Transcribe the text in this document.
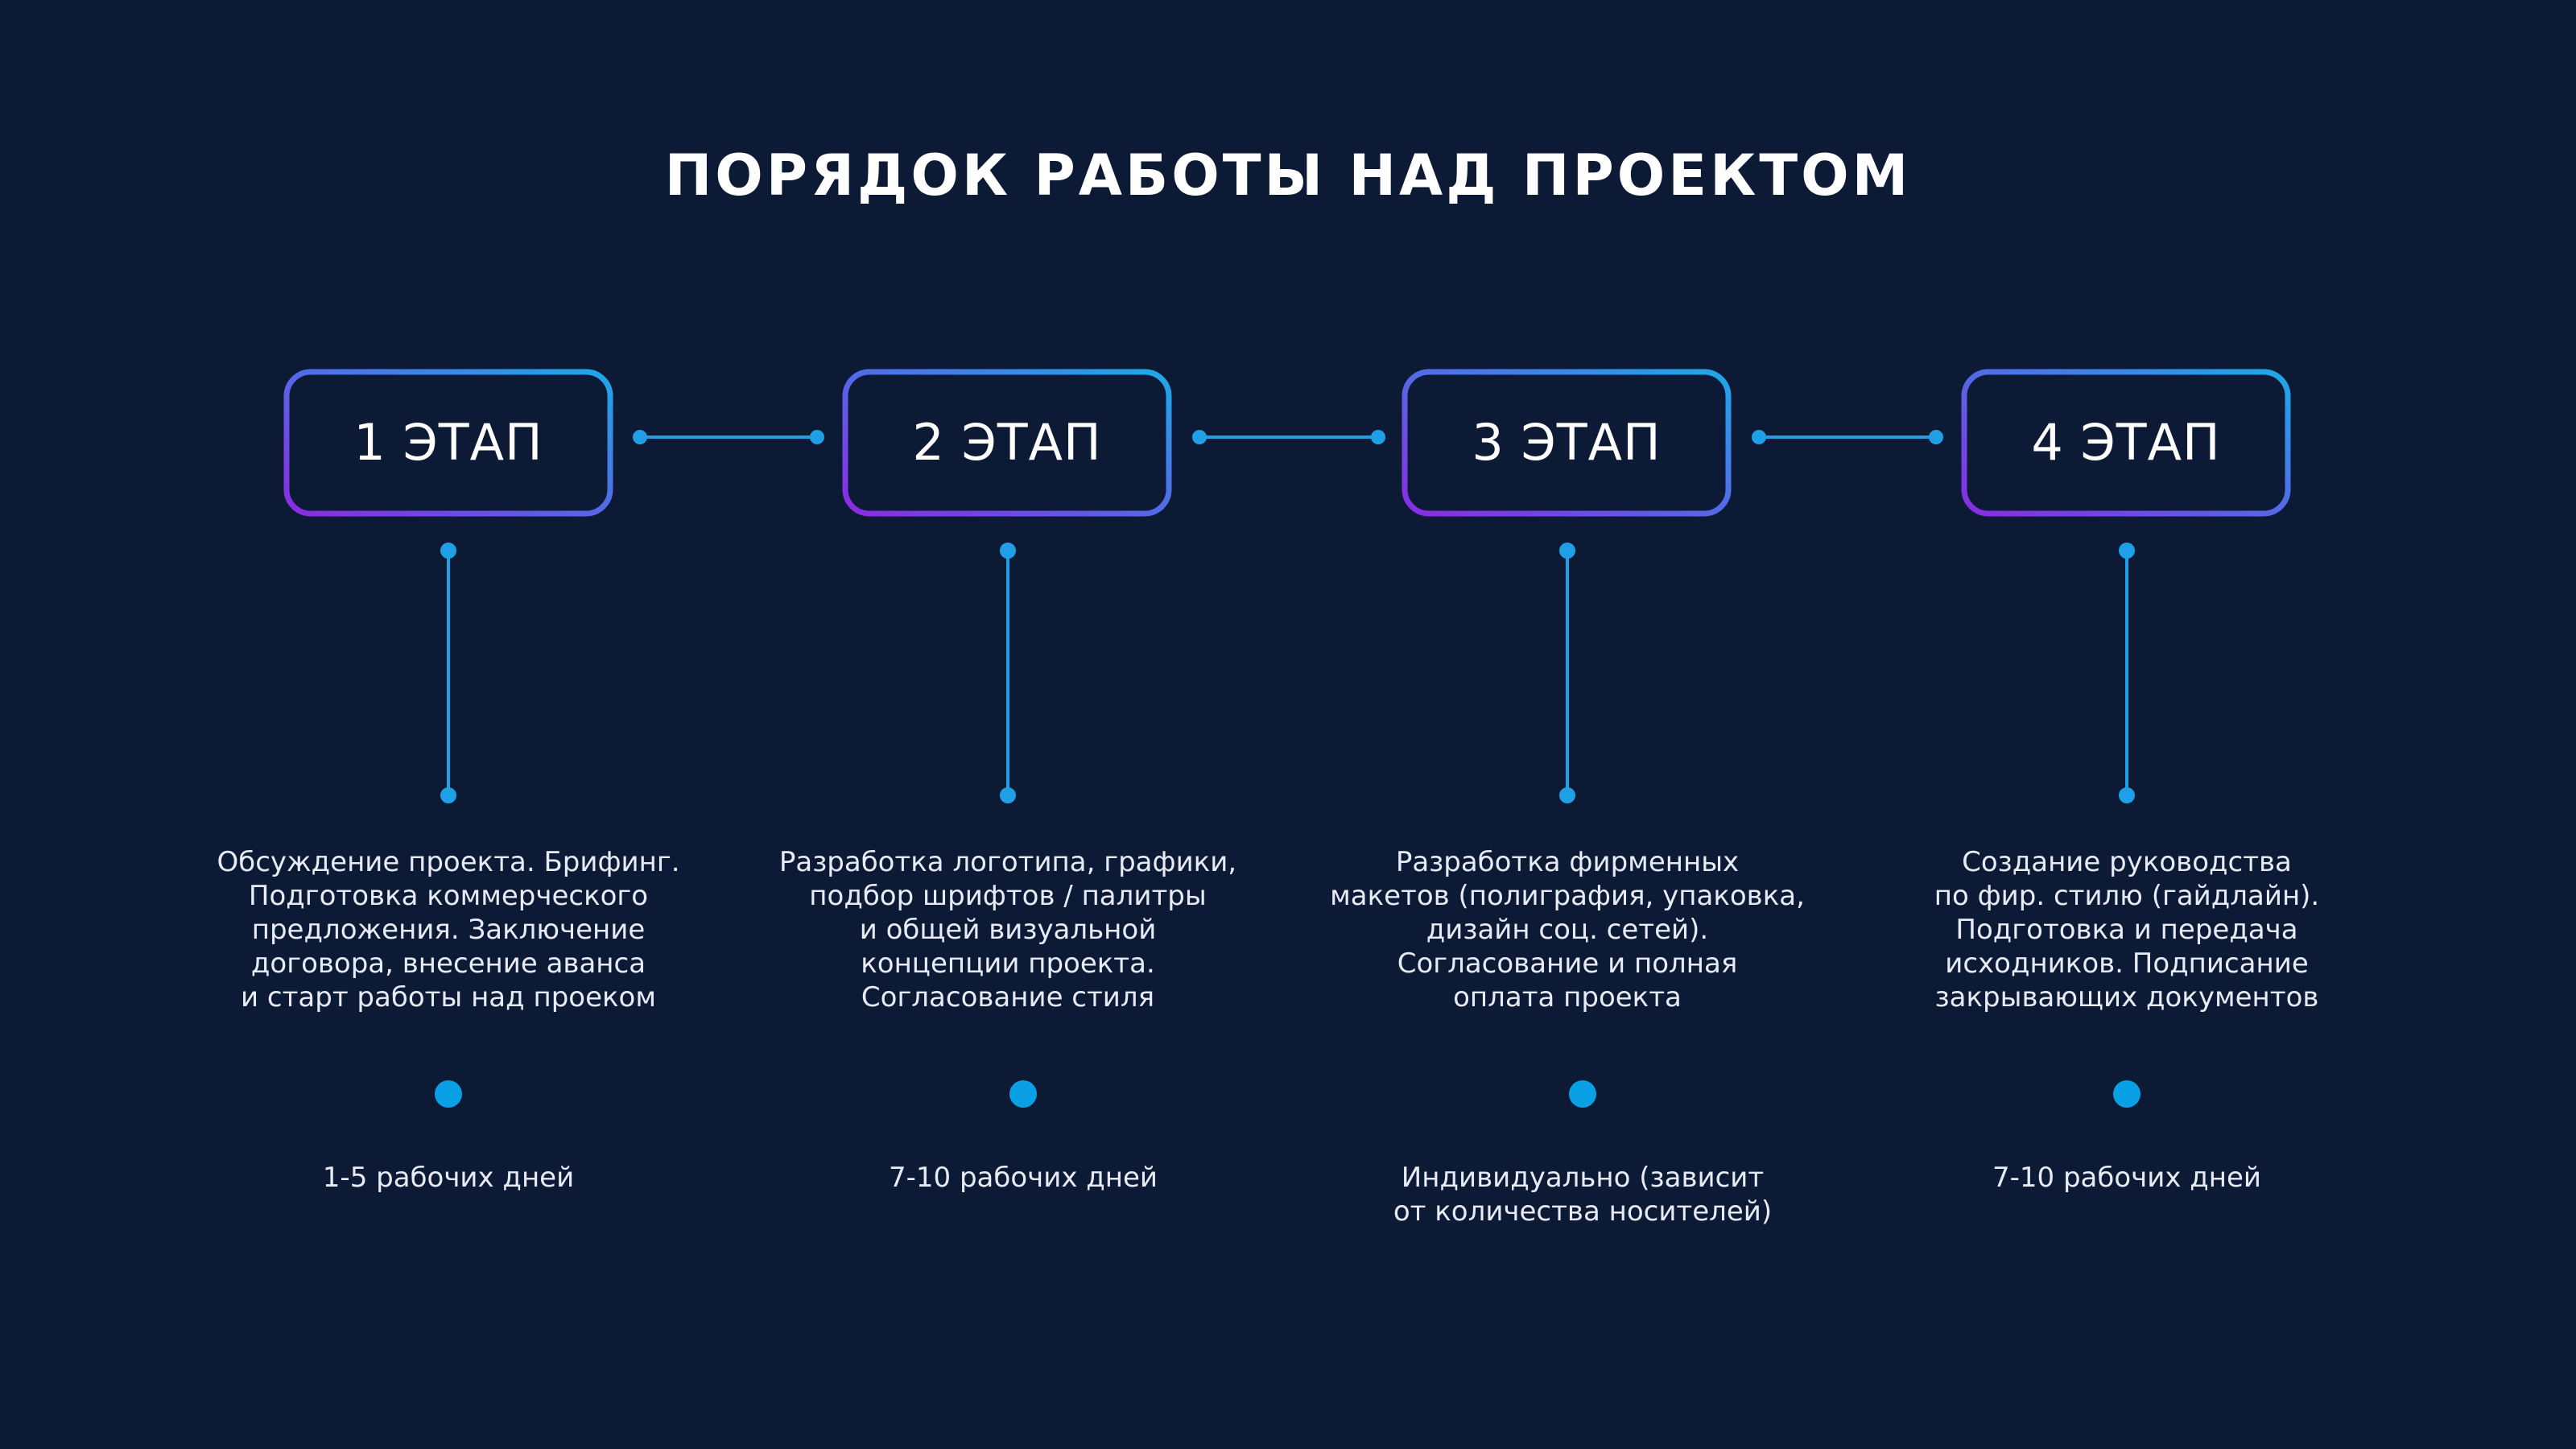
ПОРЯДОК РАБОТЫ НАД ПРОЕКТОМ
1 ЭТАП	2 ЭТАП	3 ЭТАП	4 ЭТАП
Обсуждение проекта. Брифинг.
Подготовка коммерческого
предложения. Заключение
договора, внесение аванса
и старт работы над проеком
Разработка логотипа, графики,
подбор шрифтов / палитры
и общей визуальной
концепции проекта.
Согласование стиля
Разработка фирменных
макетов (полиграфия, упаковка,
дизайн соц. сетей).
Согласование и полная
оплата проекта
Создание руководства
по фир. стилю (гайдлайн).
Подготовка и передача
исходников. Подписание
закрывающих документов
1-5 рабочих дней	7-10 рабочих дней	Индивидуально (зависит
от количества носителей)
7-10 рабочих дней
